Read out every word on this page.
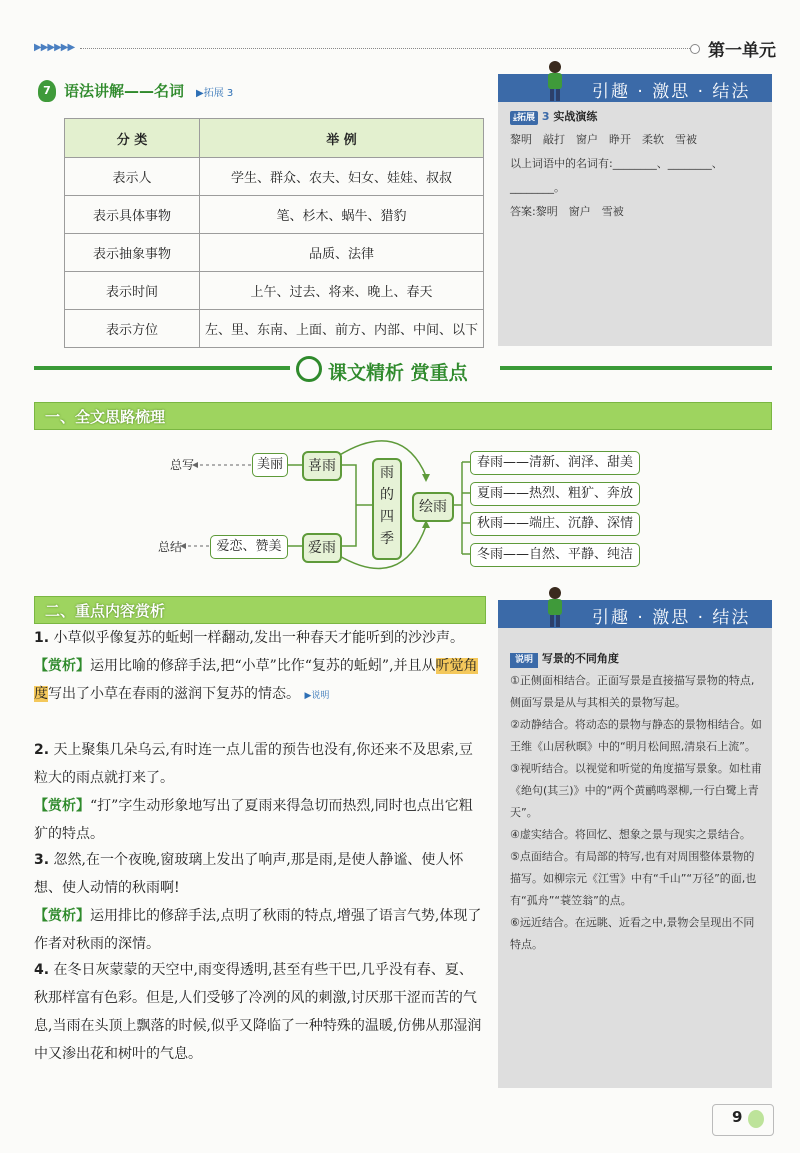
▶▶▶▶▶▶	第一单元
7 语法讲解——名词 ▶拓展 3
分 类	举 例
表示人	学生、群众、农夫、妇女、娃娃、叔叔
表示具体事物	笔、杉木、蜗牛、猎豹
表示抽象事物	品质、法律
表示时间	上午、过去、将来、晚上、春天
表示方位	左、里、东南、上面、前方、内部、中间、以下
引趣 · 激思 · 结法
⤓拓展 3 实战演练
黎明　敲打　窗户　睁开　柔软　雪被
以上词语中的名词有:________、________、
________。
答案:黎明　窗户　雪被
课文精析 赏重点
一、全文思路梳理
总写
总结
美丽	喜雨
爱恋、赞美	爱雨
雨
的
四
季
绘雨
春雨——清新、润泽、甜美
夏雨——热烈、粗犷、奔放
秋雨——端庄、沉静、深情
冬雨——自然、平静、纯洁
二、重点内容赏析
1. 小草似乎像复苏的蚯蚓一样翻动,发出一种春天才能听到的沙沙声。
【赏析】运用比喻的修辞手法,把“小草”比作“复苏的蚯蚓”,并且从听觉角度写出了小草在春雨的滋润下复苏的情态。 ▶说明
2. 天上聚集几朵乌云,有时连一点儿雷的预告也没有,你还来不及思索,豆粒大的雨点就打来了。
【赏析】“打”字生动形象地写出了夏雨来得急切而热烈,同时也点出它粗犷的特点。
3. 忽然,在一个夜晚,窗玻璃上发出了响声,那是雨,是使人静谧、使人怀想、使人动情的秋雨啊!
【赏析】运用排比的修辞手法,点明了秋雨的特点,增强了语言气势,体现了作者对秋雨的深情。
4. 在冬日灰蒙蒙的天空中,雨变得透明,甚至有些干巴,几乎没有春、夏、秋那样富有色彩。但是,人们受够了冷冽的风的刺激,讨厌那干涩而苦的气息,当雨在头顶上飘落的时候,似乎又降临了一种特殊的温暖,仿佛从那湿润中又渗出花和树叶的气息。
引趣 · 激思 · 结法
说明 写景的不同角度
①正侧面相结合。正面写景是直接描写景物的特点,侧面写景是从与其相关的景物写起。
②动静结合。将动态的景物与静态的景物相结合。如王维《山居秋暝》中的“明月松间照,清泉石上流”。
③视听结合。以视觉和听觉的角度描写景象。如杜甫《绝句(其三)》中的“两个黄鹂鸣翠柳,一行白鹭上青天”。
④虚实结合。将回忆、想象之景与现实之景结合。
⑤点面结合。有局部的特写,也有对周围整体景物的描写。如柳宗元《江雪》中有“千山”“万径”的面,也有“孤舟”“蓑笠翁”的点。
⑥远近结合。在远眺、近看之中,景物会呈现出不同特点。
9
